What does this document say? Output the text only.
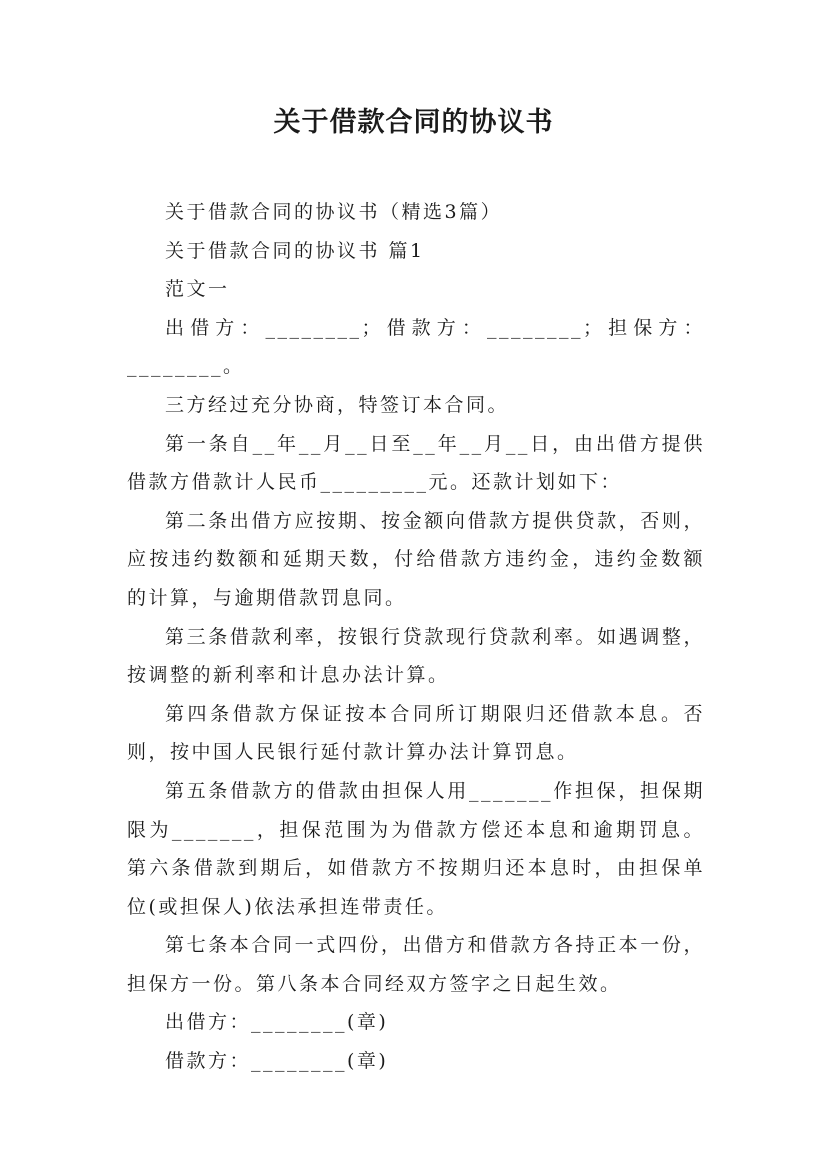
关于借款合同的协议书

关于借款合同的协议书（精选3篇）

关于借款合同的协议书 篇1

范文一

出借方：________；借款方：________；担保方：________。

三方经过充分协商，特签订本合同。

第一条自__年__月__日至__年__月__日，由出借方提供借款方借款计人民币_________元。还款计划如下：

第二条出借方应按期、按金额向借款方提供贷款，否则，应按违约数额和延期天数，付给借款方违约金，违约金数额的计算，与逾期借款罚息同。

第三条借款利率，按银行贷款现行贷款利率。如遇调整，按调整的新利率和计息办法计算。

第四条借款方保证按本合同所订期限归还借款本息。否则，按中国人民银行延付款计算办法计算罚息。

第五条借款方的借款由担保人用_______作担保，担保期限为_______，担保范围为为借款方偿还本息和逾期罚息。第六条借款到期后，如借款方不按期归还本息时，由担保单位(或担保人)依法承担连带责任。

第七条本合同一式四份，出借方和借款方各持正本一份，担保方一份。第八条本合同经双方签字之日起生效。

出借方：________(章)

借款方：________(章)
